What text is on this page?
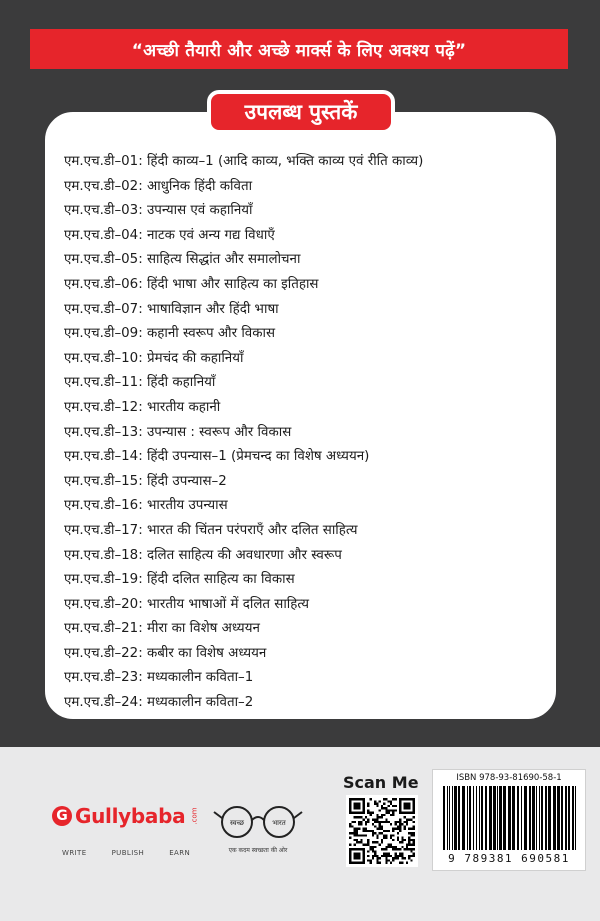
“अच्छी तैयारी और अच्छे मार्क्स के लिए अवश्य पढ़ें”
उपलब्ध पुस्तकें
एम.एच.डी–01: हिंदी काव्य–1 (आदि काव्य, भक्ति काव्य एवं रीति काव्य)
एम.एच.डी–02: आधुनिक हिंदी कविता
एम.एच.डी–03: उपन्यास एवं कहानियाँ
एम.एच.डी–04: नाटक एवं अन्य गद्य विधाएँ
एम.एच.डी–05: साहित्य सिद्धांत और समालोचना
एम.एच.डी–06: हिंदी भाषा और साहित्य का इतिहास
एम.एच.डी–07: भाषाविज्ञान और हिंदी भाषा
एम.एच.डी–09: कहानी स्वरूप और विकास
एम.एच.डी–10: प्रेमचंद की कहानियाँ
एम.एच.डी–11: हिंदी कहानियाँ
एम.एच.डी–12: भारतीय कहानी
एम.एच.डी–13: उपन्यास : स्वरूप और विकास
एम.एच.डी–14: हिंदी उपन्यास–1 (प्रेमचन्द का विशेष अध्ययन)
एम.एच.डी–15: हिंदी उपन्यास–2
एम.एच.डी–16: भारतीय उपन्यास
एम.एच.डी–17: भारत की चिंतन परंपराएँ और दलित साहित्य
एम.एच.डी–18: दलित साहित्य की अवधारणा और स्वरूप
एम.एच.डी–19: हिंदी दलित साहित्य का विकास
एम.एच.डी–20: भारतीय भाषाओं में दलित साहित्य
एम.एच.डी–21: मीरा का विशेष अध्ययन
एम.एच.डी–22: कबीर का विशेष अध्ययन
एम.एच.डी–23: मध्यकालीन कविता–1
एम.एच.डी–24: मध्यकालीन कविता–2
G Gullybaba .com
WRITE	PUBLISH	EARN
स्वच्छ	भारत
एक कदम स्वच्छता की ओर
Scan Me	ISBN 978-93-81690-58-1
9 789381 690581
